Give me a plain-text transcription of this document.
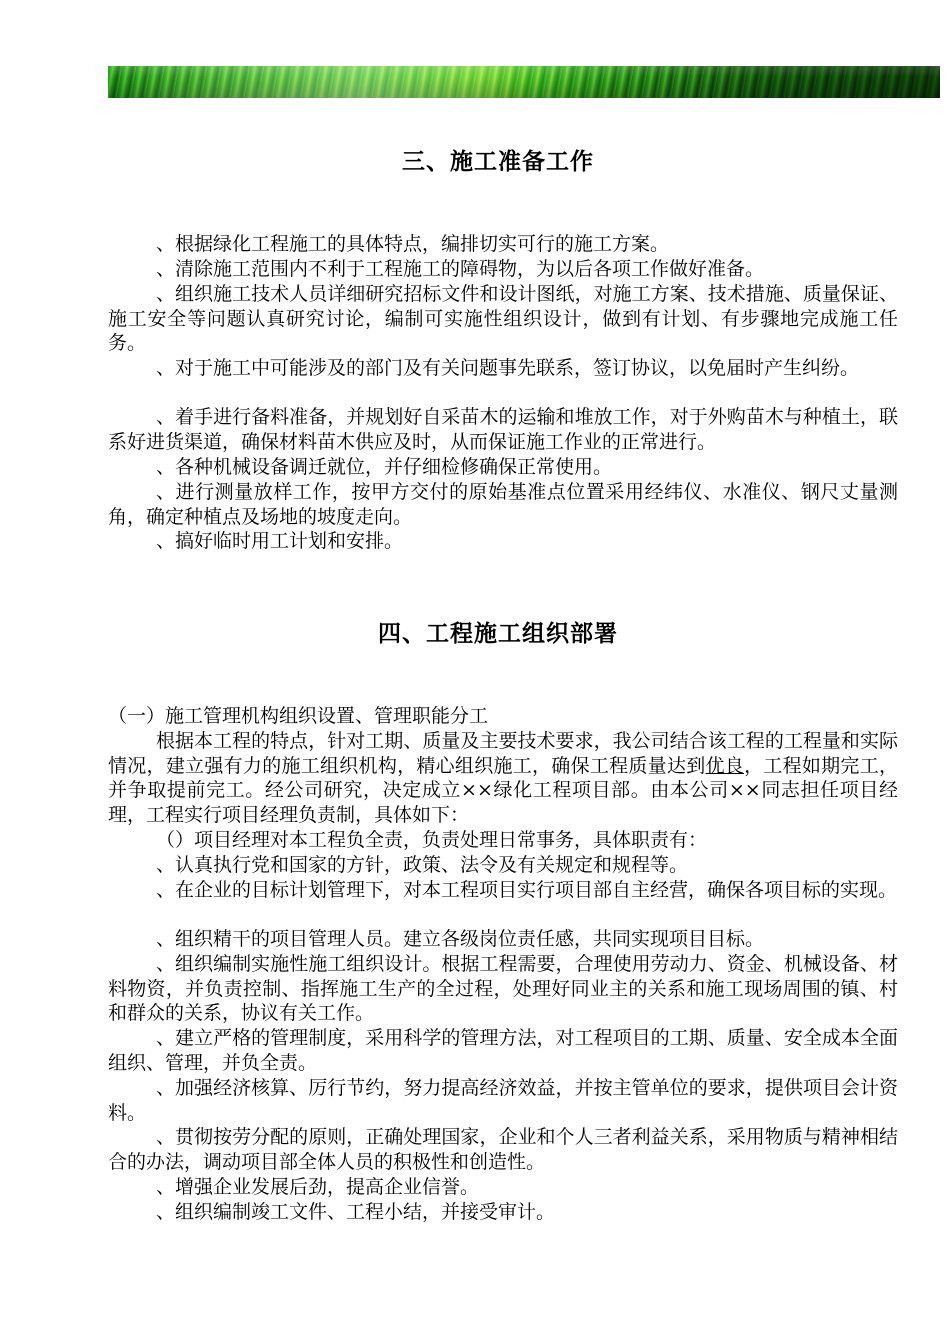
三、施工准备工作

、根据绿化工程施工的具体特点，编排切实可行的施工方案。

、清除施工范围内不利于工程施工的障碍物，为以后各项工作做好准备。

、组织施工技术人员详细研究招标文件和设计图纸，对施工方案、技术措施、质量保证、施工安全等问题认真研究讨论，编制可实施性组织设计，做到有计划、有步骤地完成施工任务。

、对于施工中可能涉及的部门及有关问题事先联系，签订协议，以免届时产生纠纷。

、着手进行备料准备，并规划好自采苗木的运输和堆放工作，对于外购苗木与种植土，联系好进货渠道，确保材料苗木供应及时，从而保证施工作业的正常进行。

、各种机械设备调迁就位，并仔细检修确保正常使用。

、进行测量放样工作，按甲方交付的原始基准点位置采用经纬仪、水准仪、钢尺丈量测角，确定种植点及场地的坡度走向。

、搞好临时用工计划和安排。

四、工程施工组织部署

（一）施工管理机构组织设置、管理职能分工

根据本工程的特点，针对工期、质量及主要技术要求，我公司结合该工程的工程量和实际情况，建立强有力的施工组织机构，精心组织施工，确保工程质量达到优良，工程如期完工，并争取提前完工。经公司研究，决定成立××绿化工程项目部。由本公司××同志担任项目经理，工程实行项目经理负责制，具体如下：

（）项目经理对本工程负全责，负责处理日常事务，具体职责有：

、认真执行党和国家的方针，政策、法令及有关规定和规程等。

、在企业的目标计划管理下，对本工程项目实行项目部自主经营，确保各项目标的实现。

、组织精干的项目管理人员。建立各级岗位责任感，共同实现项目目标。

、组织编制实施性施工组织设计。根据工程需要，合理使用劳动力、资金、机械设备、材料物资，并负责控制、指挥施工生产的全过程，处理好同业主的关系和施工现场周围的镇、村和群众的关系，协议有关工作。

、建立严格的管理制度，采用科学的管理方法，对工程项目的工期、质量、安全成本全面组织、管理，并负全责。

、加强经济核算、厉行节约，努力提高经济效益，并按主管单位的要求，提供项目会计资料。

、贯彻按劳分配的原则，正确处理国家，企业和个人三者利益关系，采用物质与精神相结合的办法，调动项目部全体人员的积极性和创造性。

、增强企业发展后劲，提高企业信誉。

、组织编制竣工文件、工程小结，并接受审计。
